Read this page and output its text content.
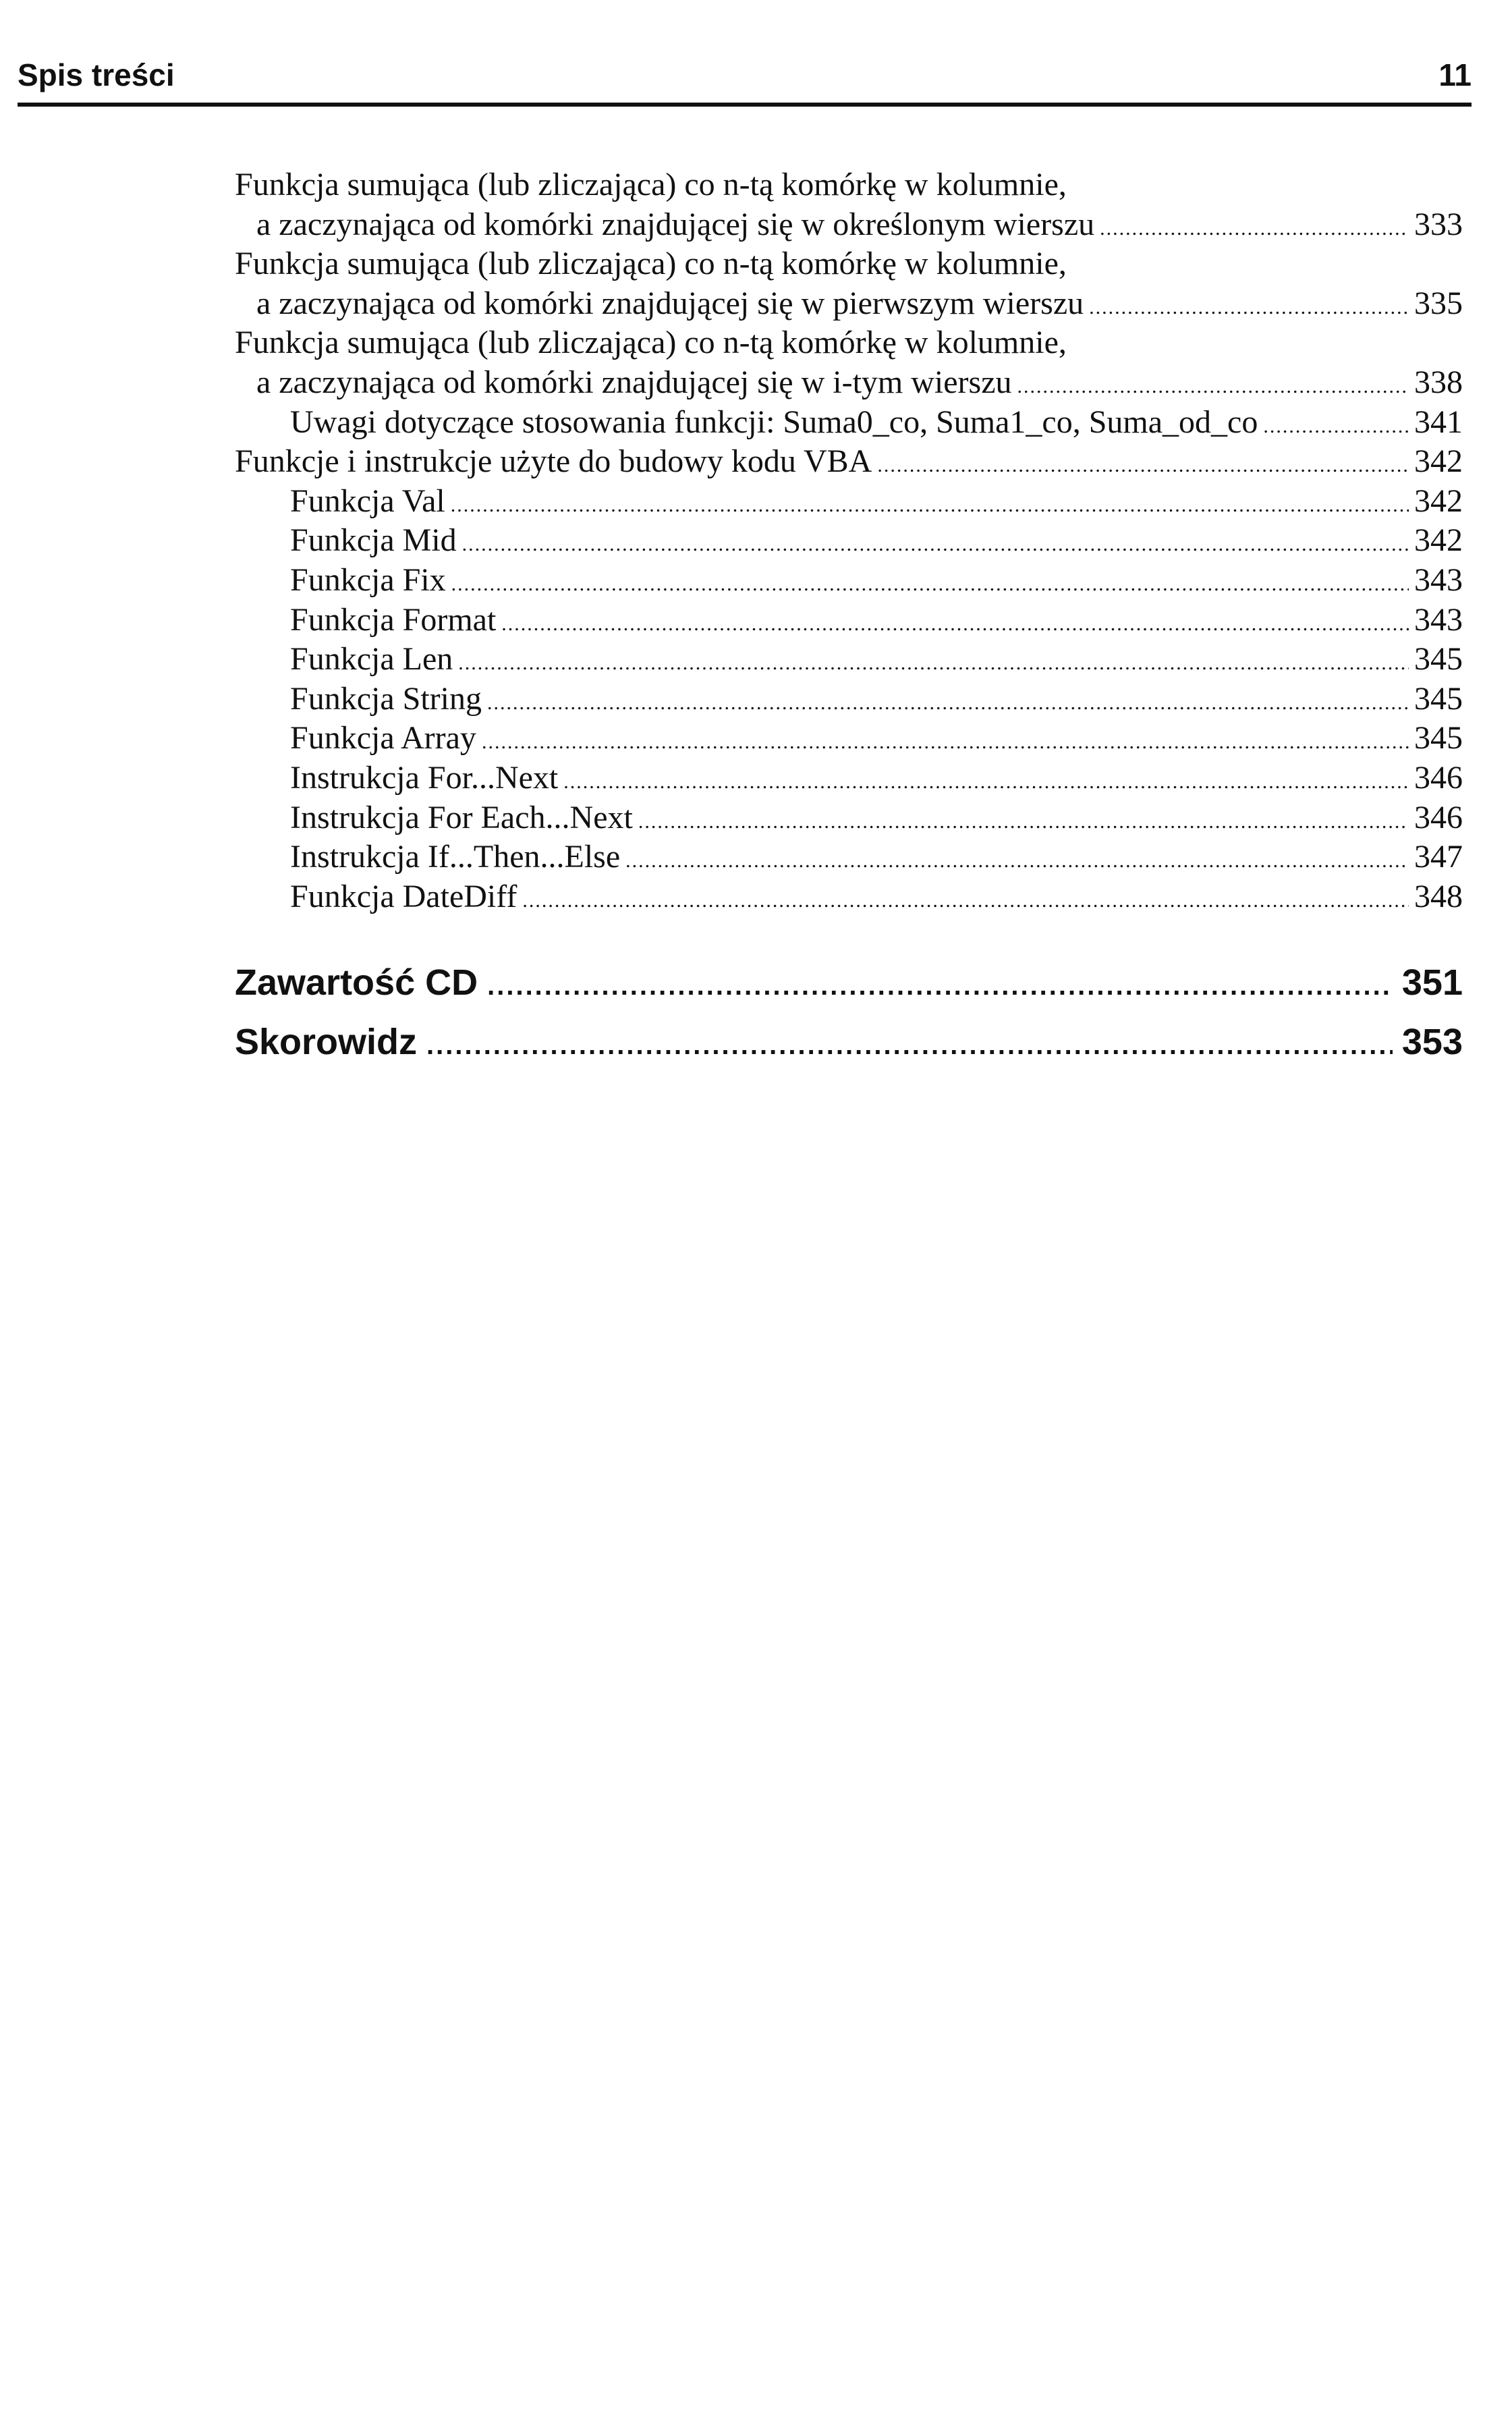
Spis treści	11
Funkcja sumująca (lub zliczająca) co n-tą komórkę w kolumnie,
a zaczynająca od komórki znajdującej się w określonym wierszu .....	333
Funkcja sumująca (lub zliczająca) co n-tą komórkę w kolumnie,
a zaczynająca od komórki znajdującej się w pierwszym wierszu .....	335
Funkcja sumująca (lub zliczająca) co n-tą komórkę w kolumnie,
a zaczynająca od komórki znajdującej się w i-tym wierszu .....	338
Uwagi dotyczące stosowania funkcji: Suma0_co, Suma1_co, Suma_od_co .....	341
Funkcje i instrukcje użyte do budowy kodu VBA .....	342
Funkcja Val .....	342
Funkcja Mid .....	342
Funkcja Fix .....	343
Funkcja Format .....	343
Funkcja Len .....	345
Funkcja String .....	345
Funkcja Array .....	345
Instrukcja For...Next .....	346
Instrukcja For Each...Next .....	346
Instrukcja If...Then...Else .....	347
Funkcja DateDiff .....	348
Zawartość CD .....	351
Skorowidz .....	353
